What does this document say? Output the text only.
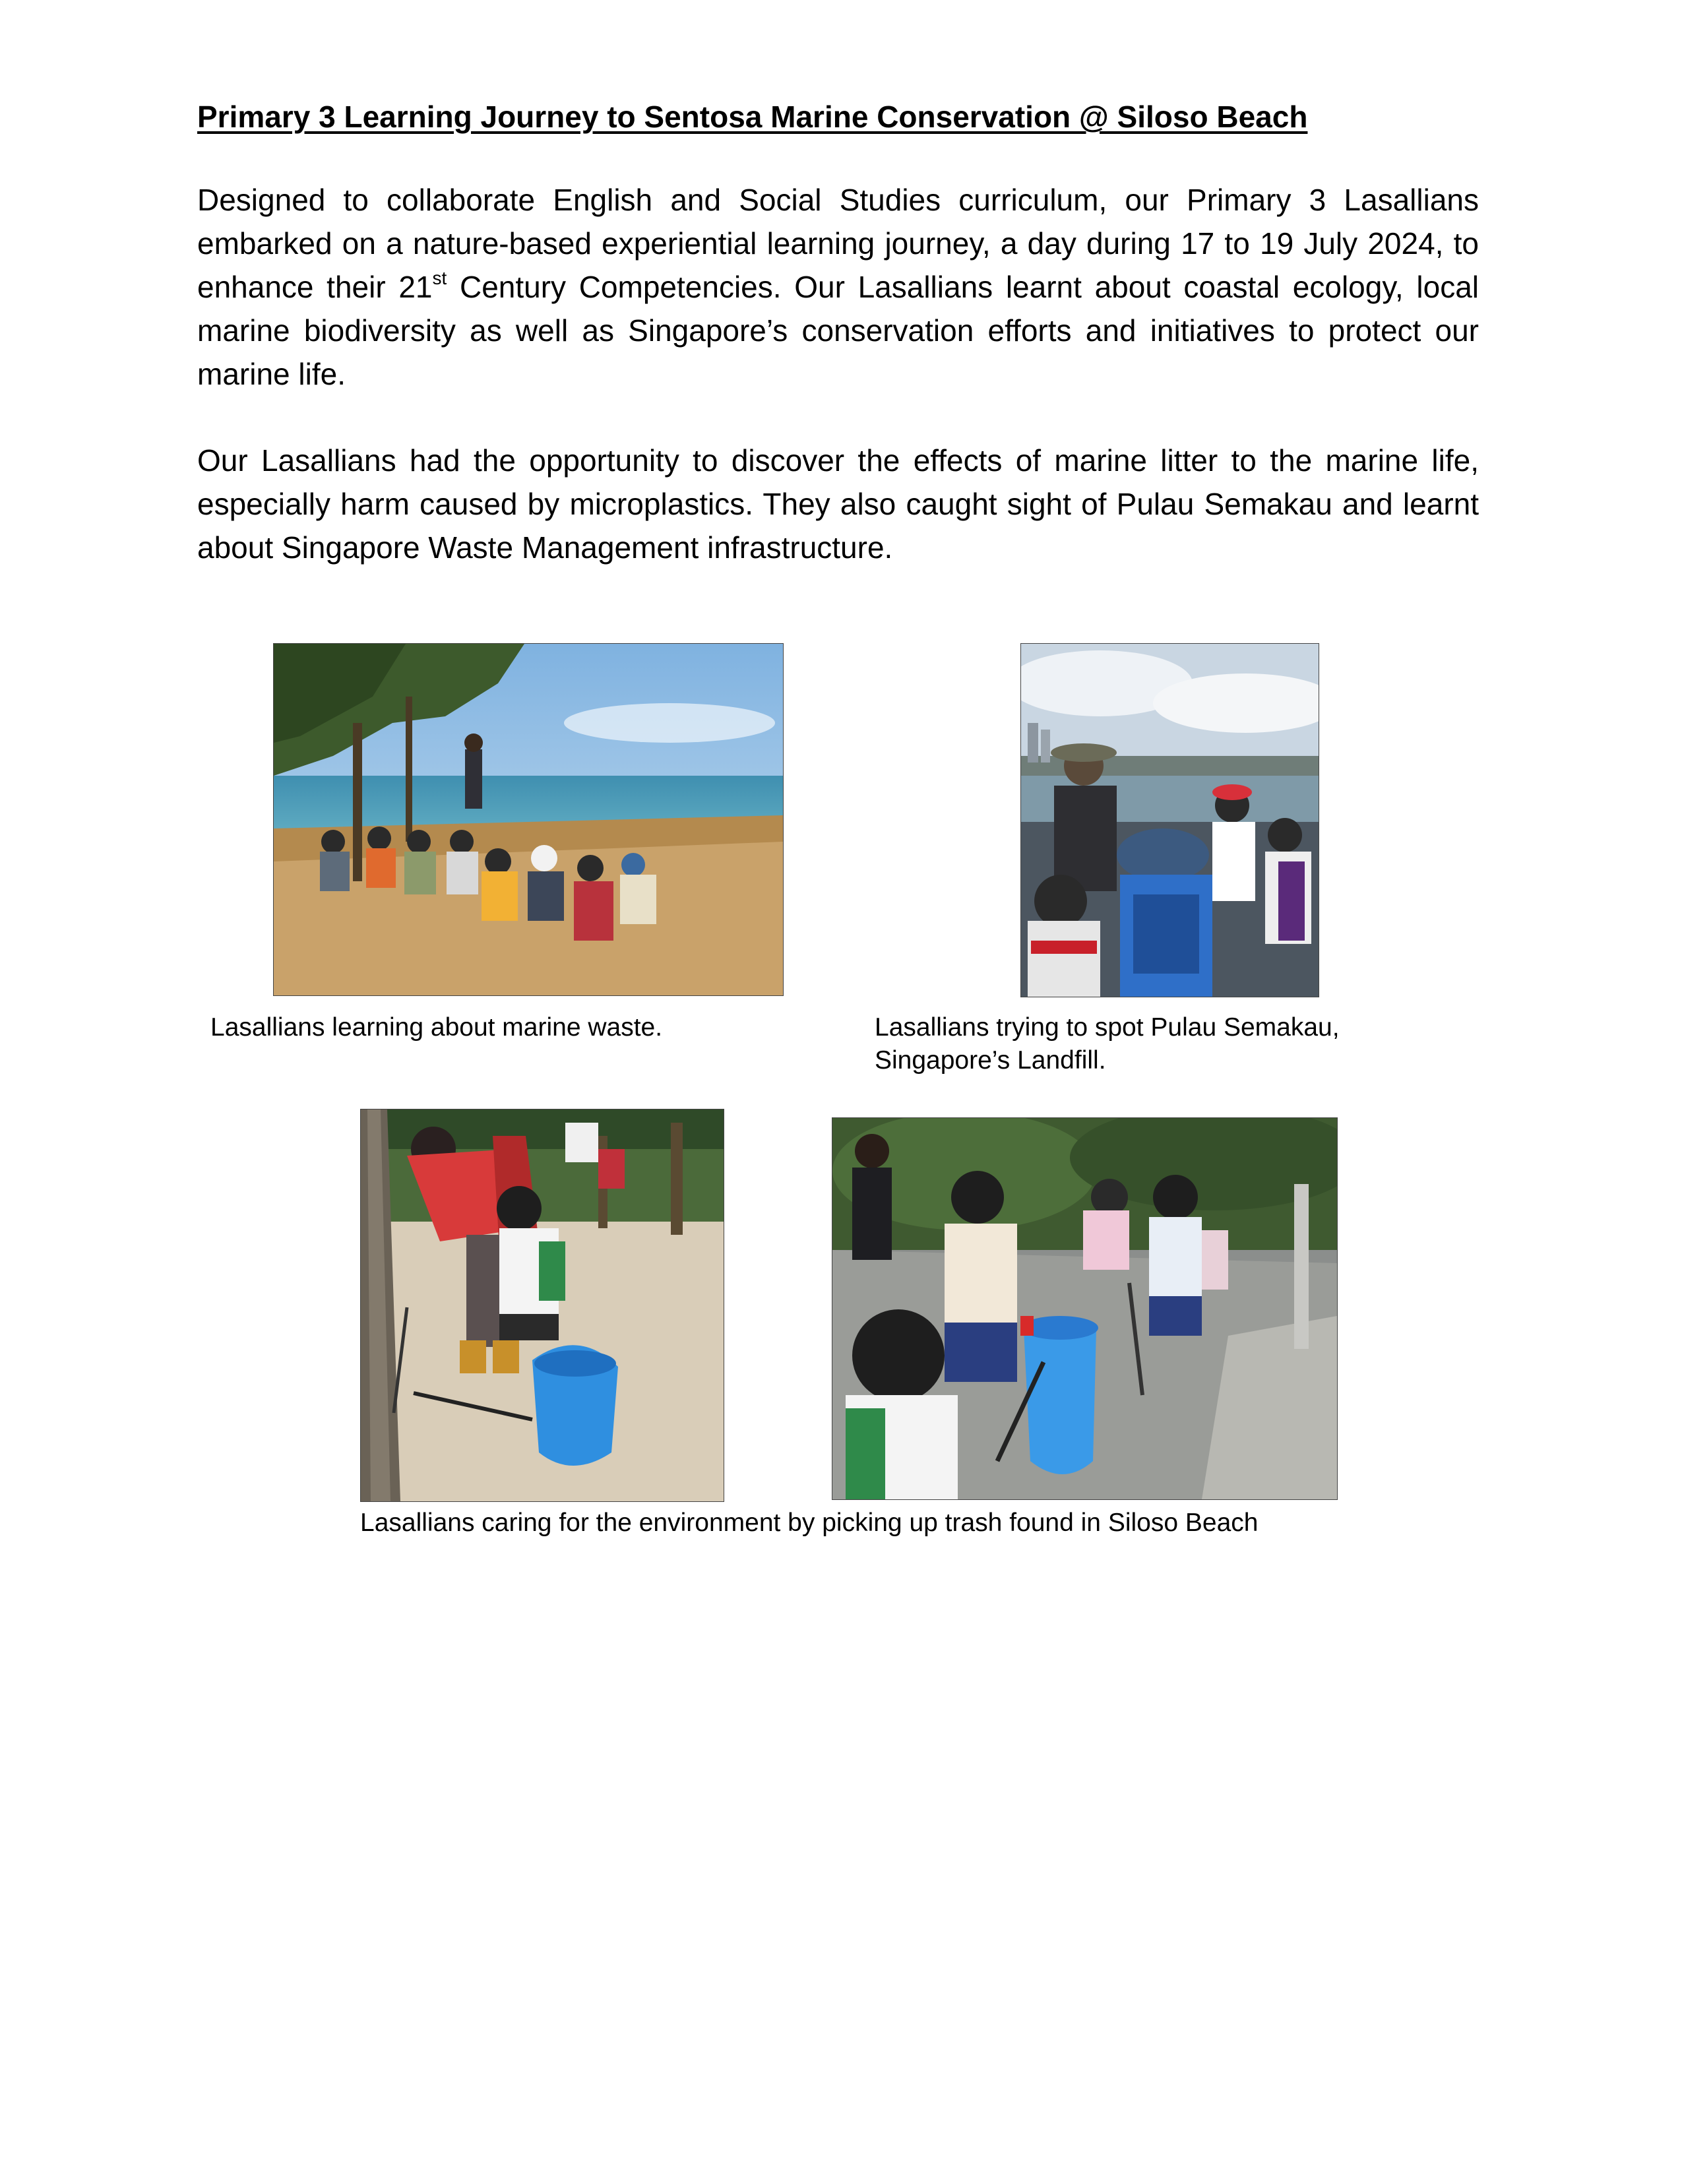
Primary 3 Learning Journey to Sentosa Marine Conservation @ Siloso Beach
Designed to collaborate English and Social Studies curriculum, our Primary 3 Lasallians embarked on a nature-based experiential learning journey, a day during 17 to 19 July 2024, to enhance their 21st Century Competencies. Our Lasallians learnt about coastal ecology, local marine biodiversity as well as Singapore’s conservation efforts and initiatives to protect our marine life.
Our Lasallians had the opportunity to discover the effects of marine litter to the marine life, especially harm caused by microplastics. They also caught sight of Pulau Semakau and learnt about Singapore Waste Management infrastructure.
Lasallians learning about marine waste.	Lasallians trying to spot Pulau Semakau,
Singapore’s Landfill.
Lasallians caring for the environment by picking up trash found in Siloso Beach
